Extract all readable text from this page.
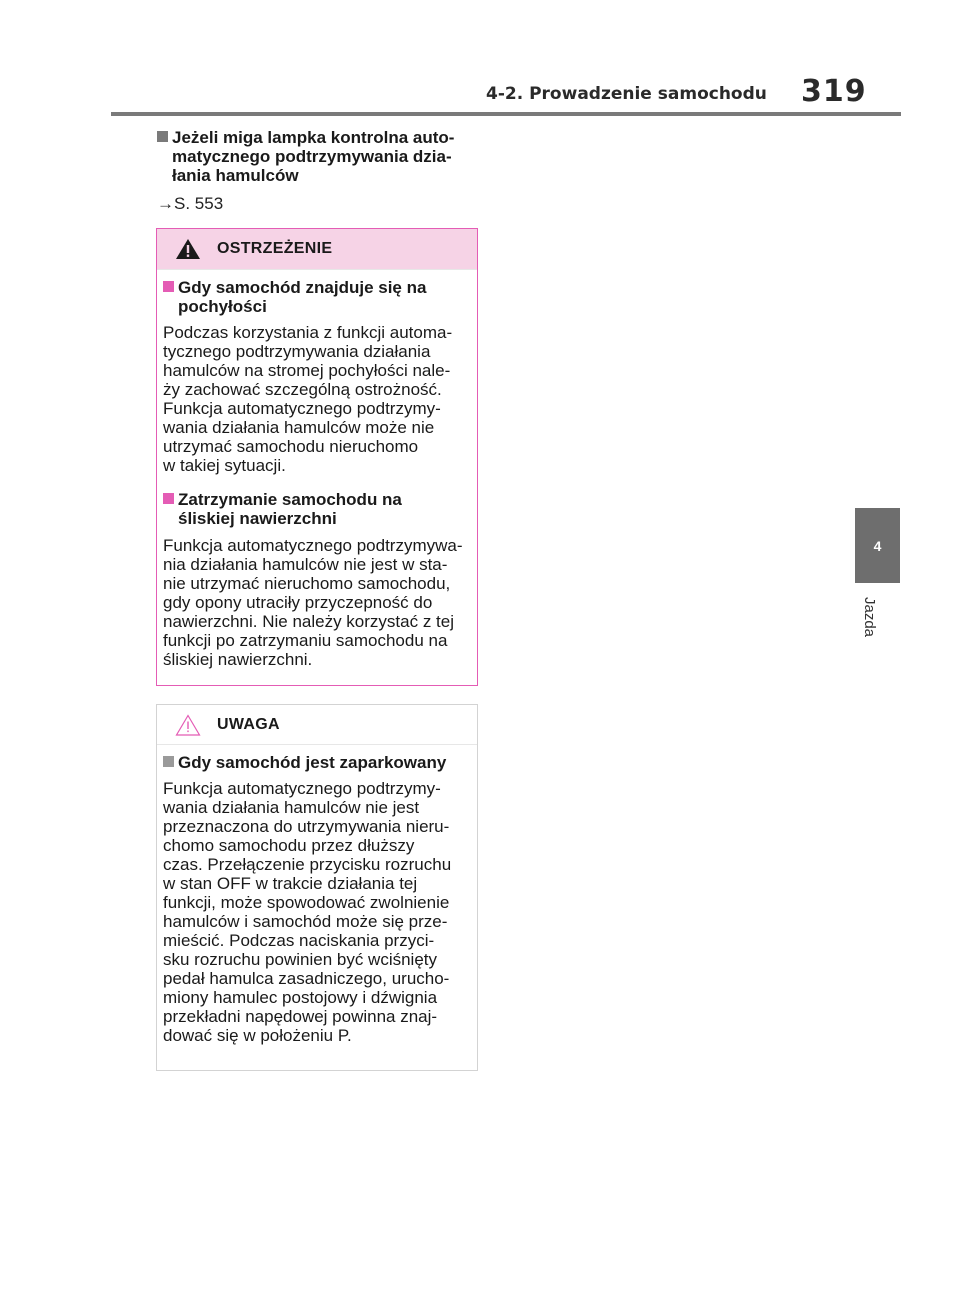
4-2. Prowadzenie samochodu 319
4
Jazda
Jeżeli miga lampka kontrolna auto-
matycznego podtrzymywania dzia-
łania hamulców
→S. 553
OSTRZEŻENIE
Gdy samochód znajduje się na
pochyłości
Podczas korzystania z funkcji automa-
tycznego podtrzymywania działania
hamulców na stromej pochyłości nale-
ży zachować szczególną ostrożność.
Funkcja automatycznego podtrzymy-
wania działania hamulców może nie
utrzymać samochodu nieruchomo
w takiej sytuacji.
Zatrzymanie samochodu na
śliskiej nawierzchni
Funkcja automatycznego podtrzymywa-
nia działania hamulców nie jest w sta-
nie utrzymać nieruchomo samochodu,
gdy opony utraciły przyczepność do
nawierzchni. Nie należy korzystać z tej
funkcji po zatrzymaniu samochodu na
śliskiej nawierzchni.
UWAGA
Gdy samochód jest zaparkowany
Funkcja automatycznego podtrzymy-
wania działania hamulców nie jest
przeznaczona do utrzymywania nieru-
chomo samochodu przez dłuższy
czas. Przełączenie przycisku rozruchu
w stan OFF w trakcie działania tej
funkcji, może spowodować zwolnienie
hamulców i samochód może się prze-
mieścić. Podczas naciskania przyci-
sku rozruchu powinien być wciśnięty
pedał hamulca zasadniczego, urucho-
miony hamulec postojowy i dźwignia
przekładni napędowej powinna znaj-
dować się w położeniu P.
